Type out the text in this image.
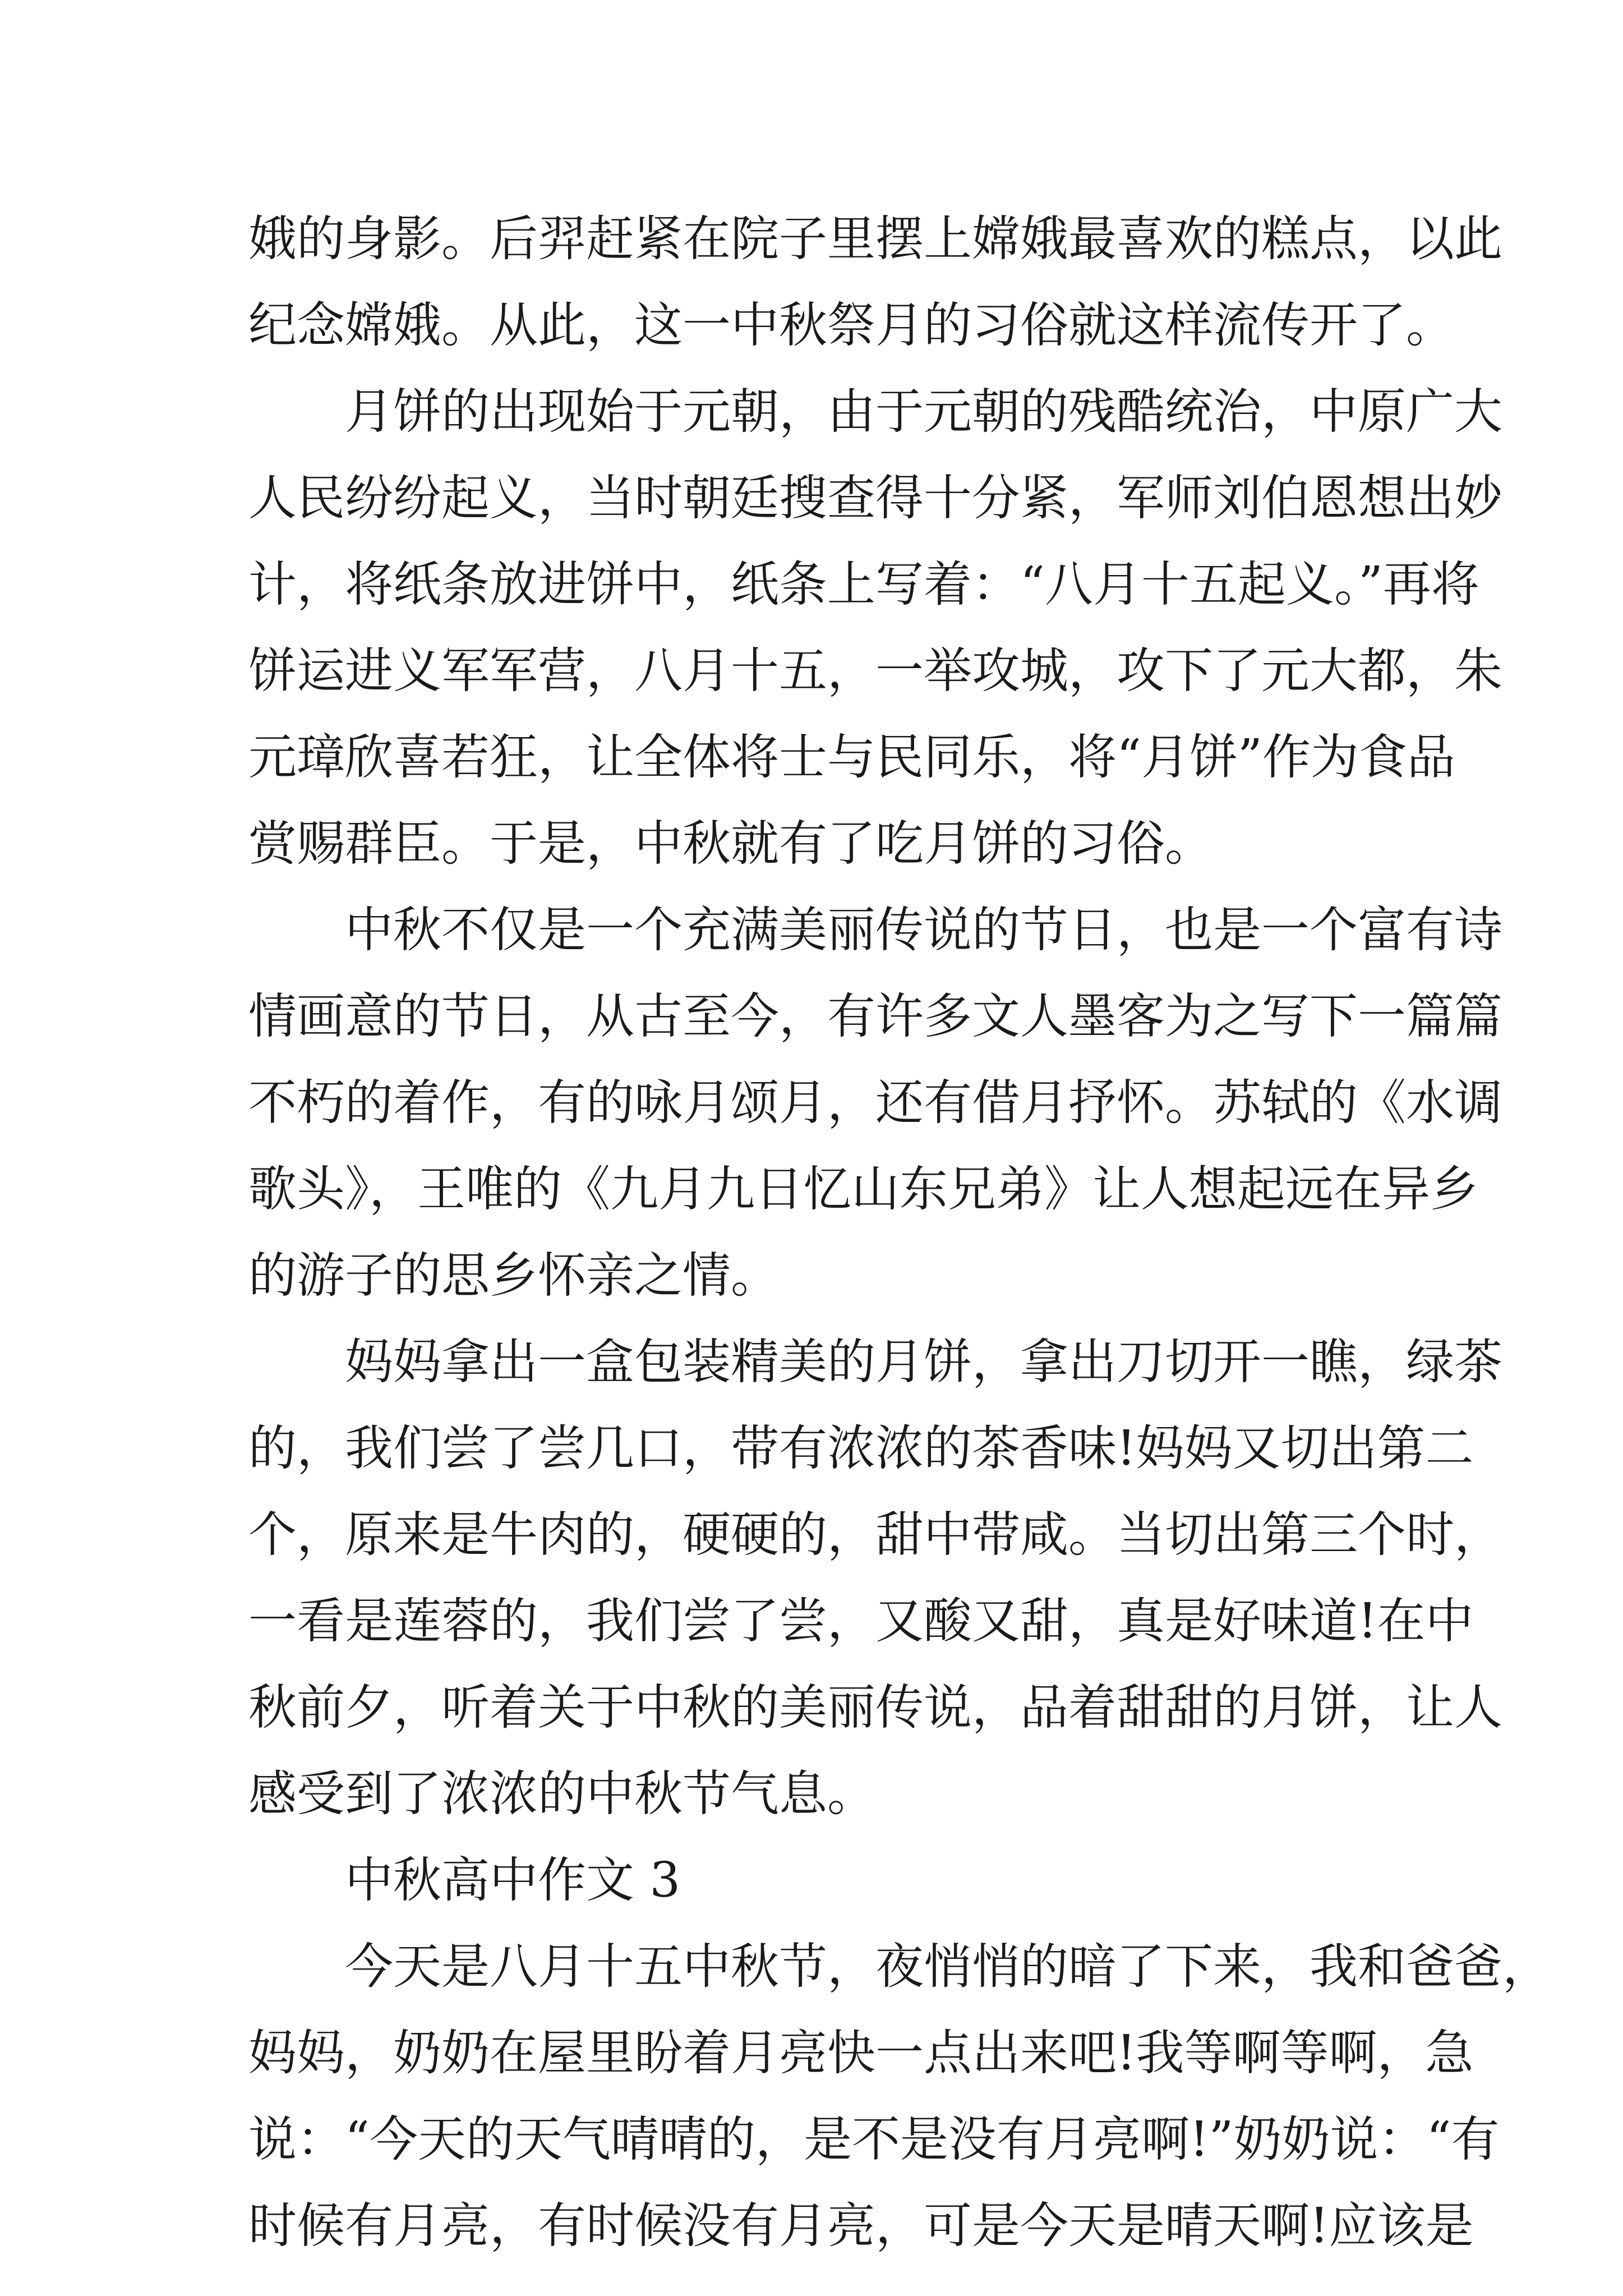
娥的身影。后羿赶紧在院子里摆上嫦娥最喜欢的糕点，以此
纪念嫦娥。从此，这一中秋祭月的习俗就这样流传开了。
月饼的出现始于元朝，由于元朝的残酷统治，中原广大
人民纷纷起义，当时朝廷搜查得十分紧，军师刘伯恩想出妙
计，将纸条放进饼中，纸条上写着：“八月十五起义。”再将
饼运进义军军营，八月十五，一举攻城，攻下了元大都，朱
元璋欣喜若狂，让全体将士与民同乐，将“月饼”作为食品
赏赐群臣。于是，中秋就有了吃月饼的习俗。
中秋不仅是一个充满美丽传说的节日，也是一个富有诗
情画意的节日，从古至今，有许多文人墨客为之写下一篇篇
不朽的着作，有的咏月颂月，还有借月抒怀。苏轼的《水调
歌头》，王唯的《九月九日忆山东兄弟》让人想起远在异乡
的游子的思乡怀亲之情。
妈妈拿出一盒包装精美的月饼，拿出刀切开一瞧，绿茶
的，我们尝了尝几口，带有浓浓的茶香味!妈妈又切出第二
个，原来是牛肉的，硬硬的，甜中带咸。当切出第三个时，
一看是莲蓉的，我们尝了尝，又酸又甜，真是好味道!在中
秋前夕，听着关于中秋的美丽传说，品着甜甜的月饼，让人
感受到了浓浓的中秋节气息。
中秋高中作文 3
今天是八月十五中秋节，夜悄悄的暗了下来，我和爸爸，
妈妈，奶奶在屋里盼着月亮快一点出来吧!我等啊等啊，急
说：“今天的天气晴晴的，是不是没有月亮啊!”奶奶说：“有
时候有月亮，有时候没有月亮，可是今天是晴天啊!应该是
